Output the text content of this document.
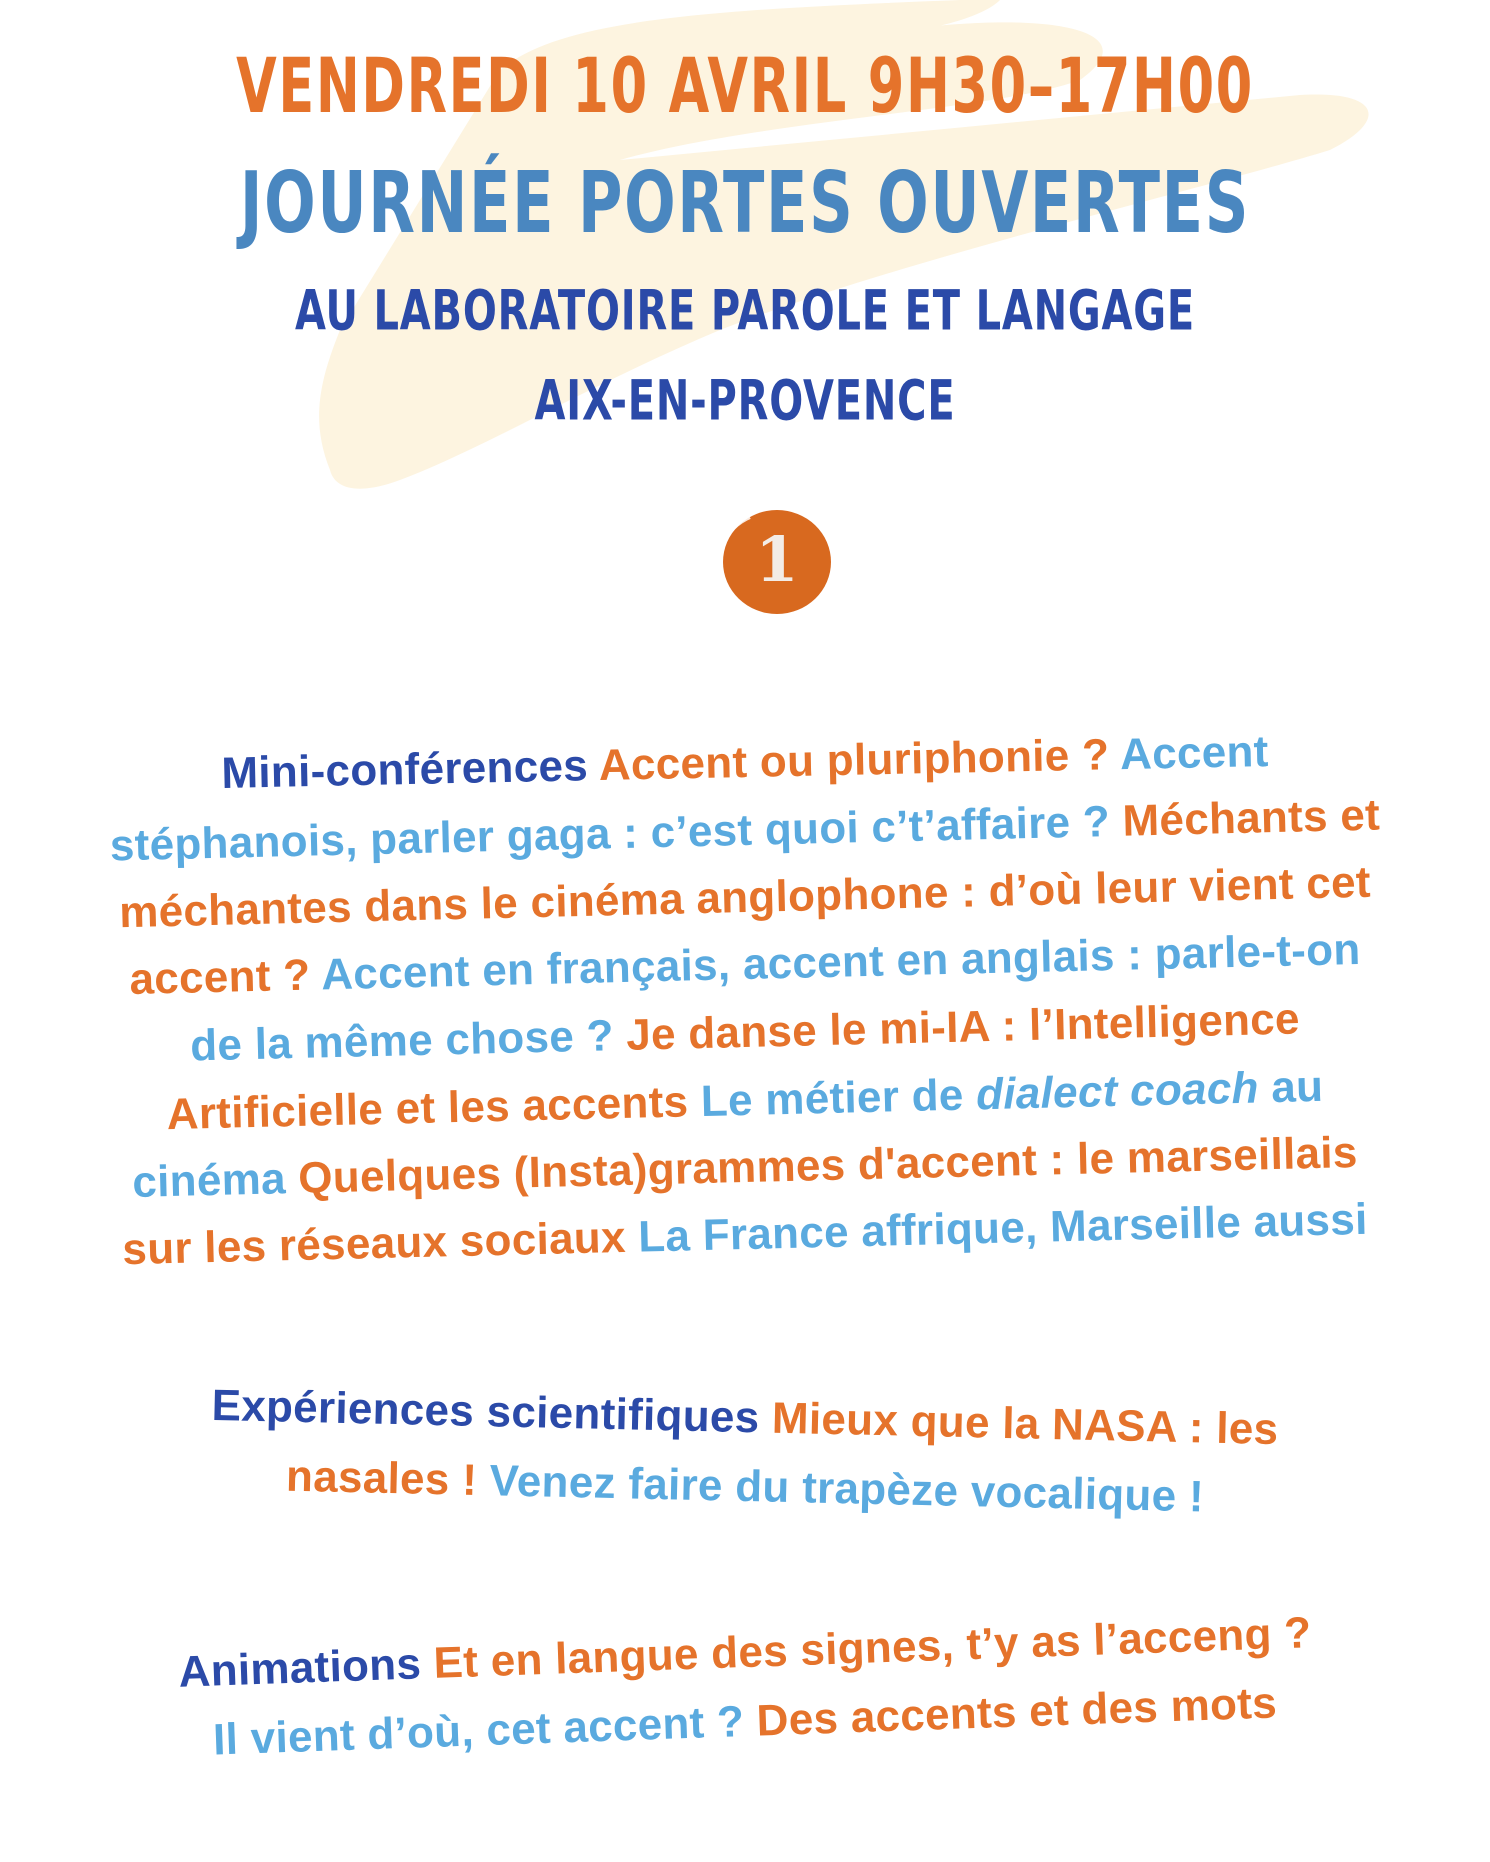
VENDREDI 10 AVRIL 9H30–17H00
JOURNÉE PORTES OUVERTES
AU LABORATOIRE PAROLE ET LANGAGE
AIX-EN-PROVENCE
1
Mini-conférences Accent ou pluriphonie ? Accent
stéphanois, parler gaga : c’est quoi c’t’affaire ? Méchants et
méchantes dans le cinéma anglophone : d’où leur vient cet
accent ? Accent en français, accent en anglais : parle-t-on
de la même chose ? Je danse le mi-IA : l’Intelligence
Artificielle et les accents Le métier de dialect coach au
cinéma Quelques (Insta)grammes d'accent : le marseillais
sur les réseaux sociaux La France affrique, Marseille aussi
Expériences scientifiques Mieux que la NASA : les
nasales ! Venez faire du trapèze vocalique !
Animations Et en langue des signes, t’y as l’acceng ?
Il vient d’où, cet accent ? Des accents et des mots
